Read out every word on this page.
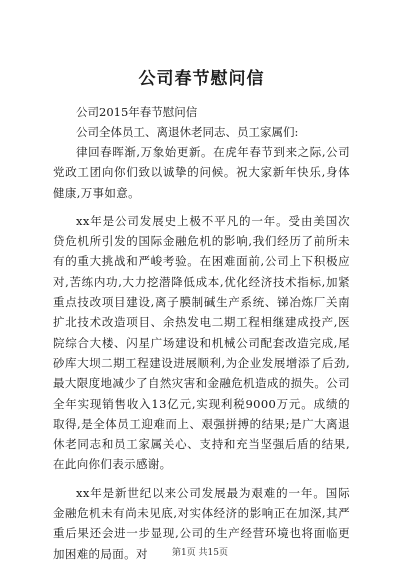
公司春节慰问信

公司2015年春节慰问信

公司全体员工、离退休老同志、员工家属们:

律回春晖渐,万象始更新。在虎年春节到来之际,公司党政工团向你们致以诚挚的问候。祝大家新年快乐,身体健康,万事如意。

xx年是公司发展史上极不平凡的一年。受由美国次贷危机所引发的国际金融危机的影响,我们经历了前所未有的重大挑战和严峻考验。在困难面前,公司上下积极应对,苦练内功,大力挖潜降低成本,优化经济技术指标,加紧重点技改项目建设,离子膜制碱生产系统、锑冶炼厂关南扩北技术改造项目、余热发电二期工程相继建成投产,医院综合大楼、闪星广场建设和机械公司配套改造完成,尾砂库大坝二期工程建设进展顺利,为企业发展增添了后劲,最大限度地减少了自然灾害和金融危机造成的损失。公司全年实现销售收入13亿元,实现利税9000万元。成绩的取得,是全体员工迎难而上、艰强拼搏的结果;是广大离退休老同志和员工家属关心、支持和充当坚强后盾的结果,在此向你们表示感谢。

xx年是新世纪以来公司发展最为艰难的一年。国际金融危机未有尚未见底,对实体经济的影响正在加深,其严重后果还会进一步显现,公司的生产经营环境也将面临更加困难的局面。对	第1页 共15页
